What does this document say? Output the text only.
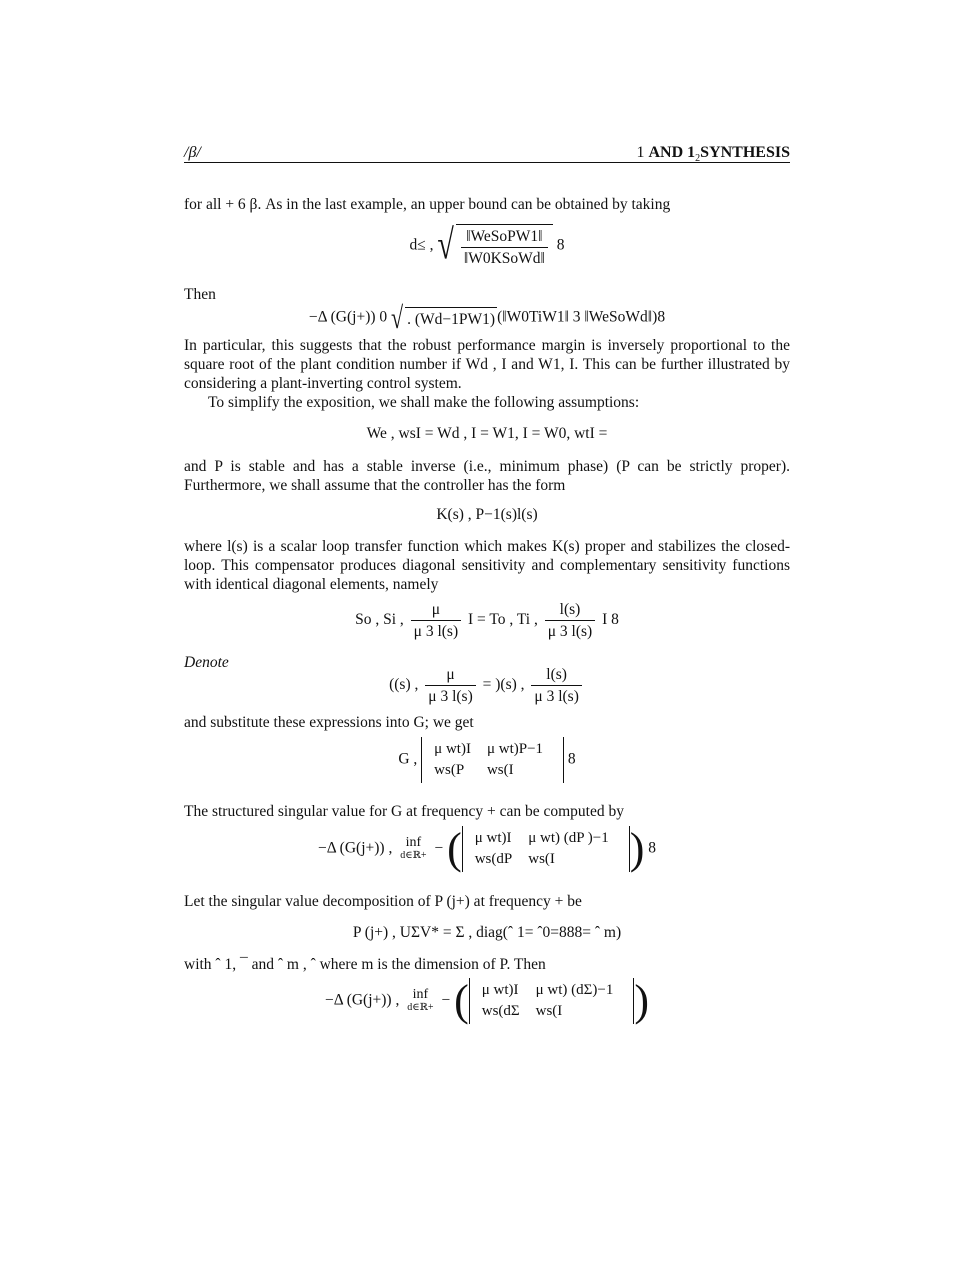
/β/	1 AND $1_2SYNTHESIS$

for all + 6 β. As in the last example, an upper bound can be obtained by taking

d≤ , √ $\frac{\text{‖WeSoPW1‖}}{\text{‖W0KSoWd‖}} 8$

Then

−Δ (G(j+)) 0 √ . (Wd−1PW1) (‖W0TiW1‖ 3 ‖WeSoWd‖)8

In particular, this suggests that the robust performance margin is inversely proportional to the square root of the plant condition number if Wd , I and W1, I. This can be further illustrated by considering a plant-inverting control system.

To simplify the exposition, we shall make the following assumptions:

We , wsI = Wd , I = W1, I = W0, wtI =

and P is stable and has a stable inverse (i.e., minimum phase) (P can be strictly proper). Furthermore, we shall assume that the controller has the form

K(s) , P−1(s)l(s)

where l(s) is a scalar loop transfer function which makes K(s) proper and stabilizes the closed-loop. This compensator produces diagonal sensitivity and complementary sensitivity functions with identical diagonal elements, namely

So , Si , $\frac{\mu}{\mu 3 l(s)}$ I = To , Ti , $\frac{l(s)}{\mu 3 l(s)}$ I 8

Denote

((s) , $\frac{\mu}{\mu 3 l(s)} = )(s)$ , $\frac{l(s)}{\mu 3 l(s)}$

and substitute these expressions into G; we get

G ,
μ wt)I	μ wt)P−1
ws(P	ws(I
8

The structured singular value for G at frequency + can be computed by

−Δ (G(j+)) , inf
d∈ℝ+ − ( μ wt)I	μ wt) (dP )−1
ws(dP	ws(I ) 8

Let the singular value decomposition of P (j+) at frequency + be

P (j+) , UΣV* = Σ , diag(ˆ 1= ˆ0=888= ˆ m)

with ˆ 1, ¯ and ˆ m , ˆ where m is the dimension of P. Then

−Δ (G(j+)) , inf
d∈ℝ+ − ( μ wt)I	μ wt) (dΣ)−1
ws(dΣ	ws(I )
